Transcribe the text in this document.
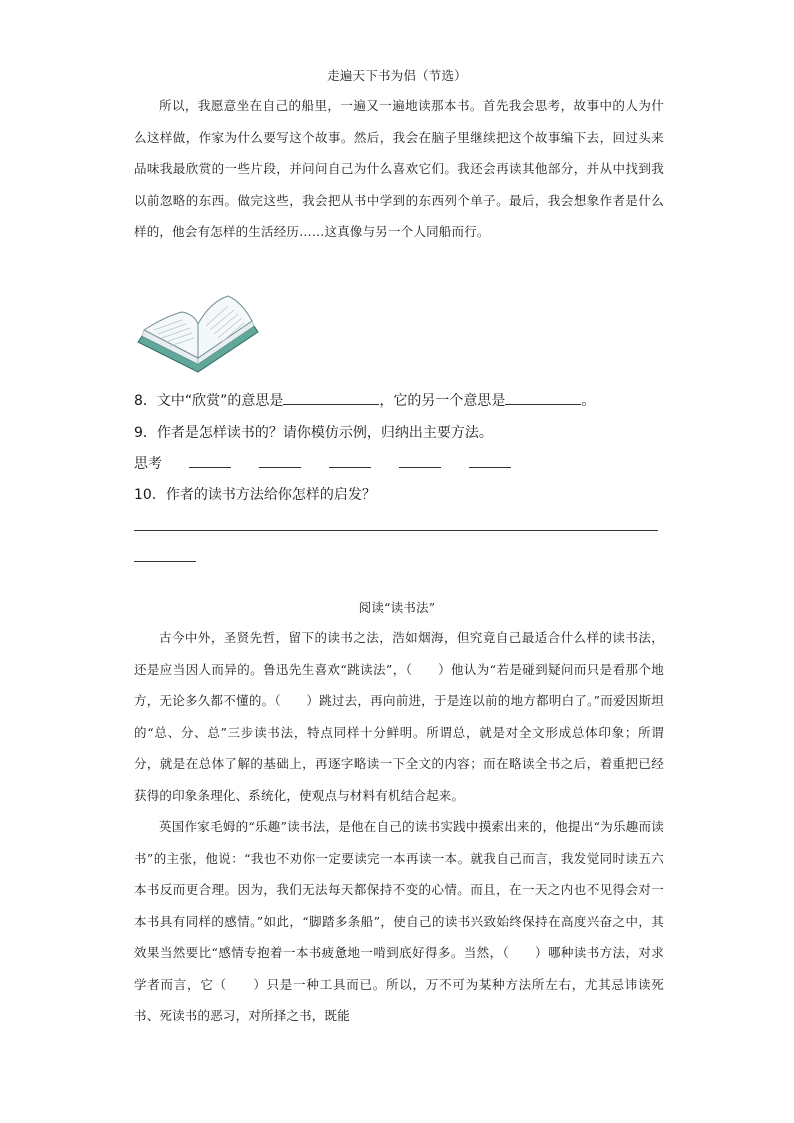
走遍天下书为侣（节选）

所以，我愿意坐在自己的船里，一遍又一遍地读那本书。首先我会思考，故事中的人为什么这样做，作家为什么要写这个故事。然后，我会在脑子里继续把这个故事编下去，回过头来品味我最欣赏的一些片段，并问问自己为什么喜欢它们。我还会再读其他部分，并从中找到我以前忽略的东西。做完这些，我会把从书中学到的东西列个单子。最后，我会想象作者是什么样的，他会有怎样的生活经历……这真像与另一个人同船而行。

8．文中“欣赏”的意思是	，它的另一个意思是	。
9．作者是怎样读书的？请你模仿示例，归纳出主要方法。
思考
10．作者的读书方法给你怎样的启发？
阅读“读书法”

古今中外，圣贤先哲，留下的读书之法，浩如烟海，但究竟自己最适合什么样的读书法，还是应当因人而异的。鲁迅先生喜欢“跳读法”，（　　）他认为“若是碰到疑问而只是看那个地方，无论多久都不懂的。（　　）跳过去，再向前进，于是连以前的地方都明白了。”而爱因斯坦的“总、分、总”三步读书法，特点同样十分鲜明。所谓总，就是对全文形成总体印象；所谓分，就是在总体了解的基础上，再逐字略读一下全文的内容；而在略读全书之后，着重把已经获得的印象条理化、系统化，使观点与材料有机结合起来。

英国作家毛姆的“乐趣”读书法，是他在自己的读书实践中摸索出来的，他提出“为乐趣而读书”的主张，他说：“我也不劝你一定要读完一本再读一本。就我自己而言，我发觉同时读五六本书反而更合理。因为，我们无法每天都保持不变的心情。而且，在一天之内也不见得会对一本书具有同样的感情。”如此，“脚踏多条船”，使自己的读书兴致始终保持在高度兴奋之中，其效果当然要比“感情专抱着一本书疲惫地一啃到底好得多。当然，（　　）哪种读书方法，对求学者而言，它（　　）只是一种工具而已。所以，万不可为某种方法所左右，尤其忌讳读死书、死读书的恶习，对所择之书，既能
